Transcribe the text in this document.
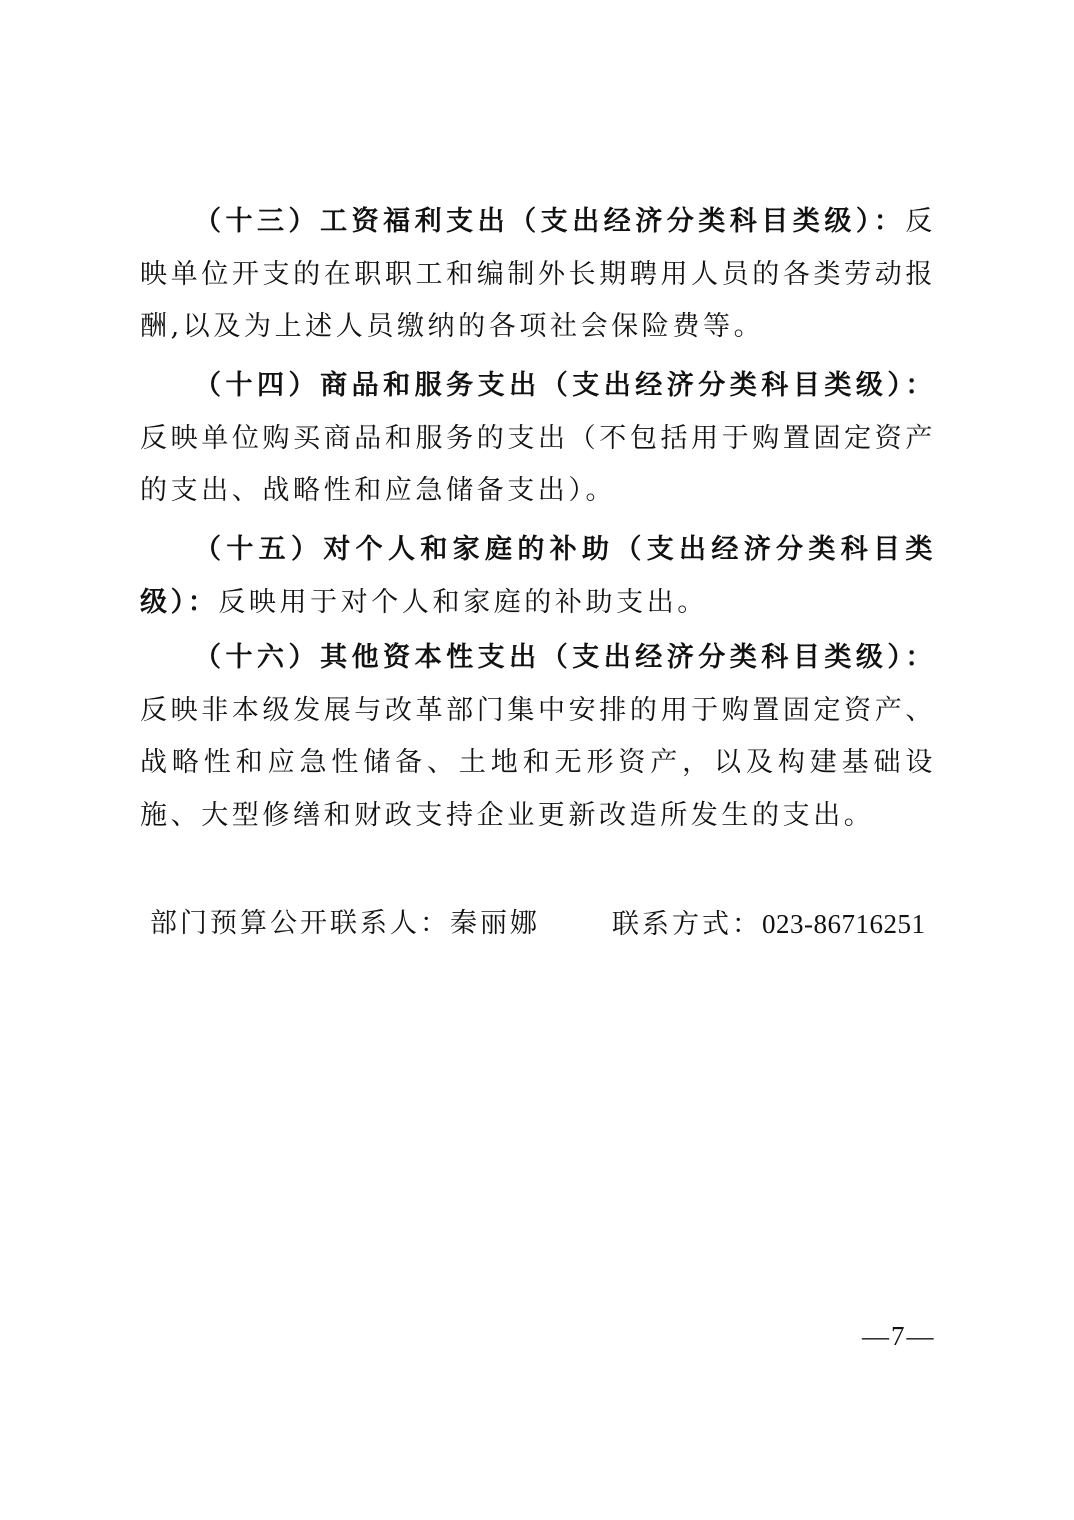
（十三）工资福利支出（支出经济分类科目类级）：反映单位开支的在职职工和编制外长期聘用人员的各类劳动报酬,以及为上述人员缴纳的各项社会保险费等。

（十四）商品和服务支出（支出经济分类科目类级）：反映单位购买商品和服务的支出（不包括用于购置固定资产的支出、战略性和应急储备支出）。

（十五）对个人和家庭的补助（支出经济分类科目类级）：反映用于对个人和家庭的补助支出。

（十六）其他资本性支出（支出经济分类科目类级）：反映非本级发展与改革部门集中安排的用于购置固定资产、战略性和应急性储备、土地和无形资产，以及构建基础设施、大型修缮和财政支持企业更新改造所发生的支出。

部门预算公开联系人：秦丽娜	联系方式：023-86716251
—7—
